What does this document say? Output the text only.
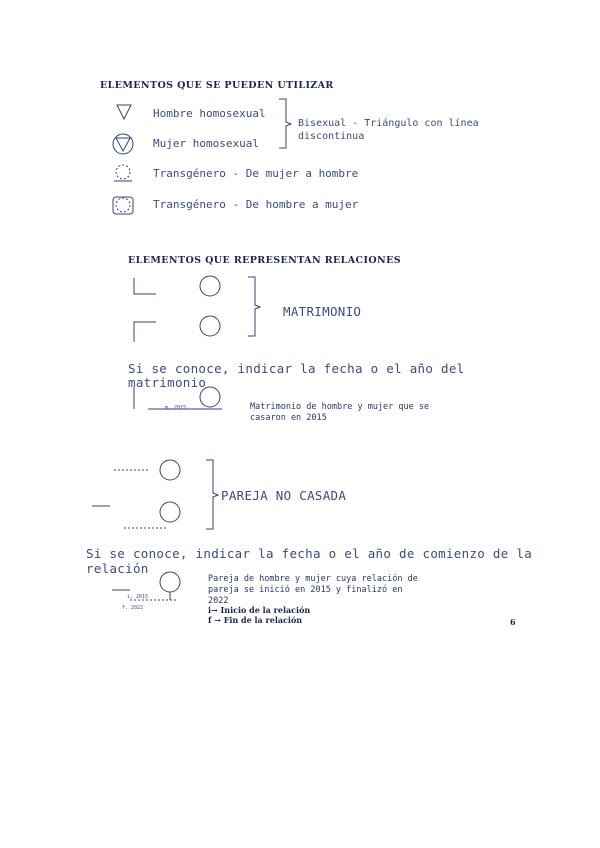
ELEMENTOS QUE SE PUEDEN UTILIZAR
Hombre homosexual
Mujer homosexual
Bisexual - Triángulo con línea
discontinua
Transgénero - De mujer a hombre
Transgénero - De hombre a mujer
ELEMENTOS QUE REPRESENTAN RELACIONES
MATRIMONIO
Si se conoce, indicar la fecha o el año del
matrimonio
m. 2015	Matrimonio de hombre y mujer que se
casaron en 2015
PAREJA NO CASADA
Si se conoce, indicar la fecha o el año de comienzo de la
relación
i. 2015
f. 2022
Pareja de hombre y mujer cuya relación de
pareja se inició en 2015 y finalizó en
2022
i→ Inicio de la relación
f → Fin de la relación	6
